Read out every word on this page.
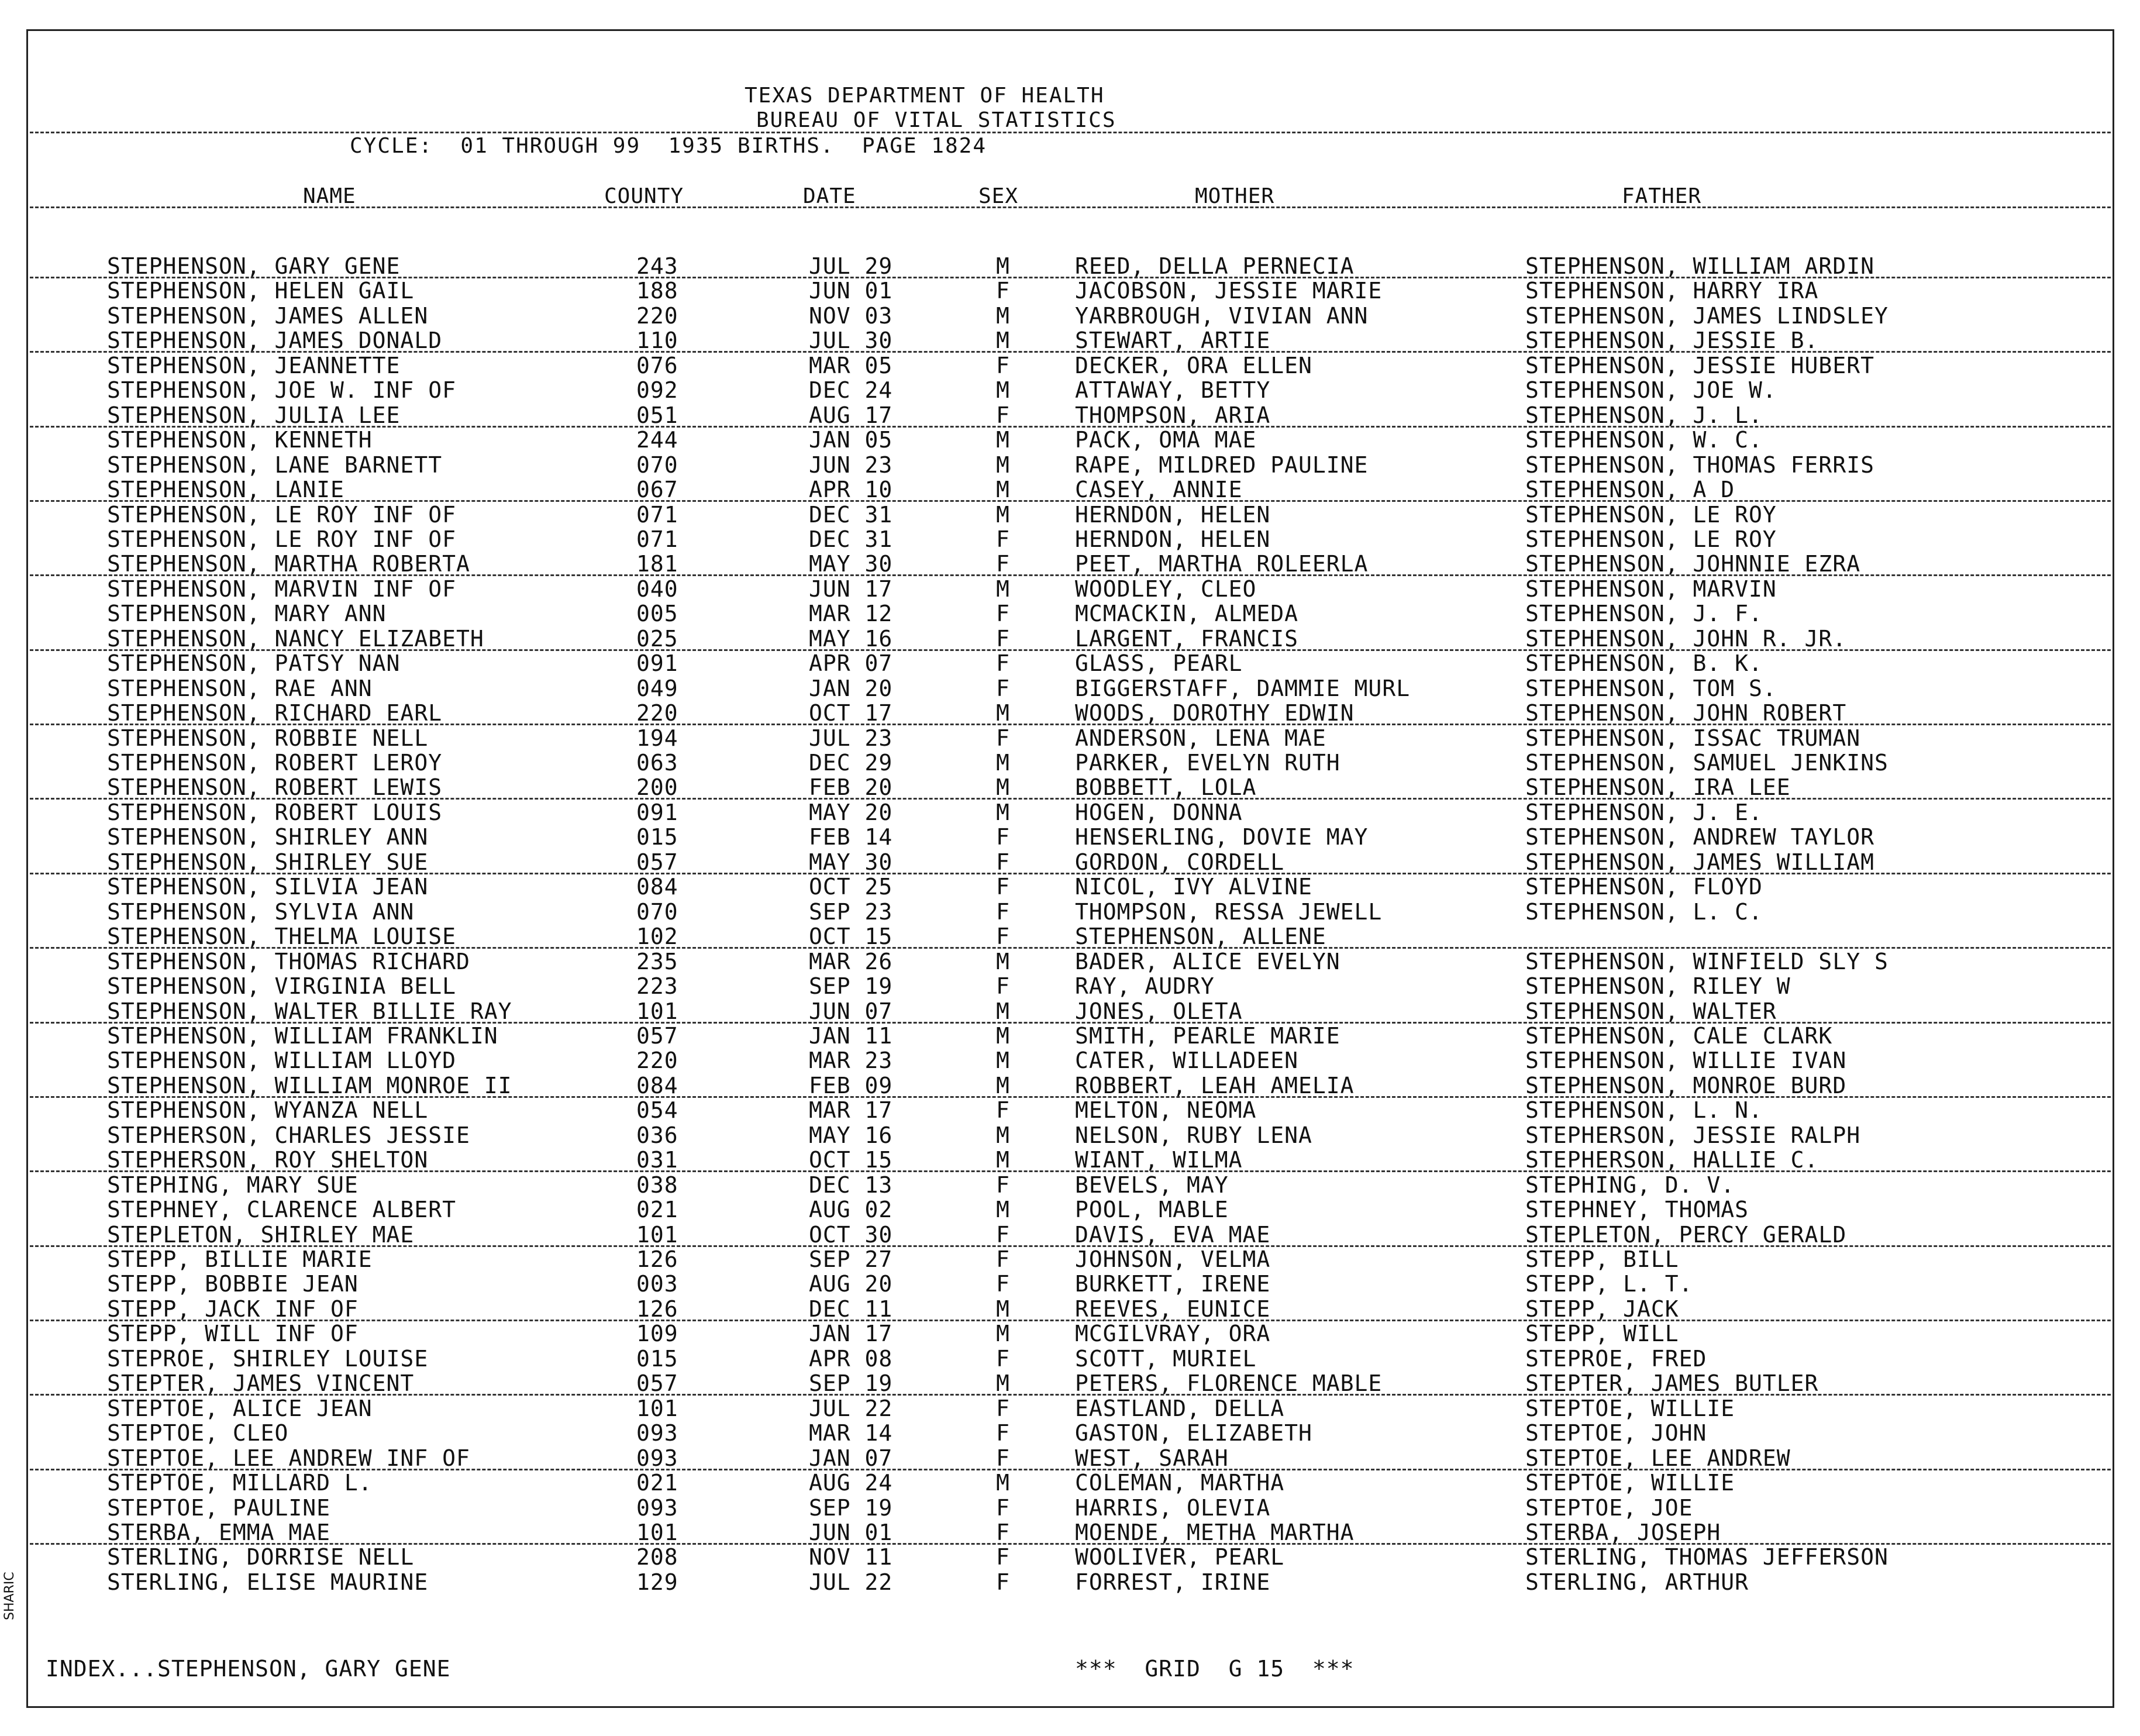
SHARIC
TEXAS DEPARTMENT OF HEALTH
BUREAU OF VITAL STATISTICS
CYCLE:  01 THROUGH 99  1935 BIRTHS.  PAGE 1824
NAME	COUNTY	DATE	SEX	MOTHER	FATHER
INDEX...STEPHENSON, GARY GENE	***  GRID  G 15  ***
STEPHENSON, GARY GENE	243	JUL 29	M	REED, DELLA PERNECIA	STEPHENSON, WILLIAM ARDIN
STEPHENSON, HELEN GAIL	188	JUN 01	F	JACOBSON, JESSIE MARIE	STEPHENSON, HARRY IRA
STEPHENSON, JAMES ALLEN	220	NOV 03	M	YARBROUGH, VIVIAN ANN	STEPHENSON, JAMES LINDSLEY
STEPHENSON, JAMES DONALD	110	JUL 30	M	STEWART, ARTIE	STEPHENSON, JESSIE B.
STEPHENSON, JEANNETTE	076	MAR 05	F	DECKER, ORA ELLEN	STEPHENSON, JESSIE HUBERT
STEPHENSON, JOE W. INF OF	092	DEC 24	M	ATTAWAY, BETTY	STEPHENSON, JOE W.
STEPHENSON, JULIA LEE	051	AUG 17	F	THOMPSON, ARIA	STEPHENSON, J. L.
STEPHENSON, KENNETH	244	JAN 05	M	PACK, OMA MAE	STEPHENSON, W. C.
STEPHENSON, LANE BARNETT	070	JUN 23	M	RAPE, MILDRED PAULINE	STEPHENSON, THOMAS FERRIS
STEPHENSON, LANIE	067	APR 10	M	CASEY, ANNIE	STEPHENSON, A D
STEPHENSON, LE ROY INF OF	071	DEC 31	M	HERNDON, HELEN	STEPHENSON, LE ROY
STEPHENSON, LE ROY INF OF	071	DEC 31	F	HERNDON, HELEN	STEPHENSON, LE ROY
STEPHENSON, MARTHA ROBERTA	181	MAY 30	F	PEET, MARTHA ROLEERLA	STEPHENSON, JOHNNIE EZRA
STEPHENSON, MARVIN INF OF	040	JUN 17	M	WOODLEY, CLEO	STEPHENSON, MARVIN
STEPHENSON, MARY ANN	005	MAR 12	F	MCMACKIN, ALMEDA	STEPHENSON, J. F.
STEPHENSON, NANCY ELIZABETH	025	MAY 16	F	LARGENT, FRANCIS	STEPHENSON, JOHN R. JR.
STEPHENSON, PATSY NAN	091	APR 07	F	GLASS, PEARL	STEPHENSON, B. K.
STEPHENSON, RAE ANN	049	JAN 20	F	BIGGERSTAFF, DAMMIE MURL	STEPHENSON, TOM S.
STEPHENSON, RICHARD EARL	220	OCT 17	M	WOODS, DOROTHY EDWIN	STEPHENSON, JOHN ROBERT
STEPHENSON, ROBBIE NELL	194	JUL 23	F	ANDERSON, LENA MAE	STEPHENSON, ISSAC TRUMAN
STEPHENSON, ROBERT LEROY	063	DEC 29	M	PARKER, EVELYN RUTH	STEPHENSON, SAMUEL JENKINS
STEPHENSON, ROBERT LEWIS	200	FEB 20	M	BOBBETT, LOLA	STEPHENSON, IRA LEE
STEPHENSON, ROBERT LOUIS	091	MAY 20	M	HOGEN, DONNA	STEPHENSON, J. E.
STEPHENSON, SHIRLEY ANN	015	FEB 14	F	HENSERLING, DOVIE MAY	STEPHENSON, ANDREW TAYLOR
STEPHENSON, SHIRLEY SUE	057	MAY 30	F	GORDON, CORDELL	STEPHENSON, JAMES WILLIAM
STEPHENSON, SILVIA JEAN	084	OCT 25	F	NICOL, IVY ALVINE	STEPHENSON, FLOYD
STEPHENSON, SYLVIA ANN	070	SEP 23	F	THOMPSON, RESSA JEWELL	STEPHENSON, L. C.
STEPHENSON, THELMA LOUISE	102	OCT 15	F	STEPHENSON, ALLENE
STEPHENSON, THOMAS RICHARD	235	MAR 26	M	BADER, ALICE EVELYN	STEPHENSON, WINFIELD SLY S
STEPHENSON, VIRGINIA BELL	223	SEP 19	F	RAY, AUDRY	STEPHENSON, RILEY W
STEPHENSON, WALTER BILLIE RAY	101	JUN 07	M	JONES, OLETA	STEPHENSON, WALTER
STEPHENSON, WILLIAM FRANKLIN	057	JAN 11	M	SMITH, PEARLE MARIE	STEPHENSON, CALE CLARK
STEPHENSON, WILLIAM LLOYD	220	MAR 23	M	CATER, WILLADEEN	STEPHENSON, WILLIE IVAN
STEPHENSON, WILLIAM MONROE II	084	FEB 09	M	ROBBERT, LEAH AMELIA	STEPHENSON, MONROE BURD
STEPHENSON, WYANZA NELL	054	MAR 17	F	MELTON, NEOMA	STEPHENSON, L. N.
STEPHERSON, CHARLES JESSIE	036	MAY 16	M	NELSON, RUBY LENA	STEPHERSON, JESSIE RALPH
STEPHERSON, ROY SHELTON	031	OCT 15	M	WIANT, WILMA	STEPHERSON, HALLIE C.
STEPHING, MARY SUE	038	DEC 13	F	BEVELS, MAY	STEPHING, D. V.
STEPHNEY, CLARENCE ALBERT	021	AUG 02	M	POOL, MABLE	STEPHNEY, THOMAS
STEPLETON, SHIRLEY MAE	101	OCT 30	F	DAVIS, EVA MAE	STEPLETON, PERCY GERALD
STEPP, BILLIE MARIE	126	SEP 27	F	JOHNSON, VELMA	STEPP, BILL
STEPP, BOBBIE JEAN	003	AUG 20	F	BURKETT, IRENE	STEPP, L. T.
STEPP, JACK INF OF	126	DEC 11	M	REEVES, EUNICE	STEPP, JACK
STEPP, WILL INF OF	109	JAN 17	M	MCGILVRAY, ORA	STEPP, WILL
STEPROE, SHIRLEY LOUISE	015	APR 08	F	SCOTT, MURIEL	STEPROE, FRED
STEPTER, JAMES VINCENT	057	SEP 19	M	PETERS, FLORENCE MABLE	STEPTER, JAMES BUTLER
STEPTOE, ALICE JEAN	101	JUL 22	F	EASTLAND, DELLA	STEPTOE, WILLIE
STEPTOE, CLEO	093	MAR 14	F	GASTON, ELIZABETH	STEPTOE, JOHN
STEPTOE, LEE ANDREW INF OF	093	JAN 07	F	WEST, SARAH	STEPTOE, LEE ANDREW
STEPTOE, MILLARD L.	021	AUG 24	M	COLEMAN, MARTHA	STEPTOE, WILLIE
STEPTOE, PAULINE	093	SEP 19	F	HARRIS, OLEVIA	STEPTOE, JOE
STERBA, EMMA MAE	101	JUN 01	F	MOENDE, METHA MARTHA	STERBA, JOSEPH
STERLING, DORRISE NELL	208	NOV 11	F	WOOLIVER, PEARL	STERLING, THOMAS JEFFERSON
STERLING, ELISE MAURINE	129	JUL 22	F	FORREST, IRINE	STERLING, ARTHUR
